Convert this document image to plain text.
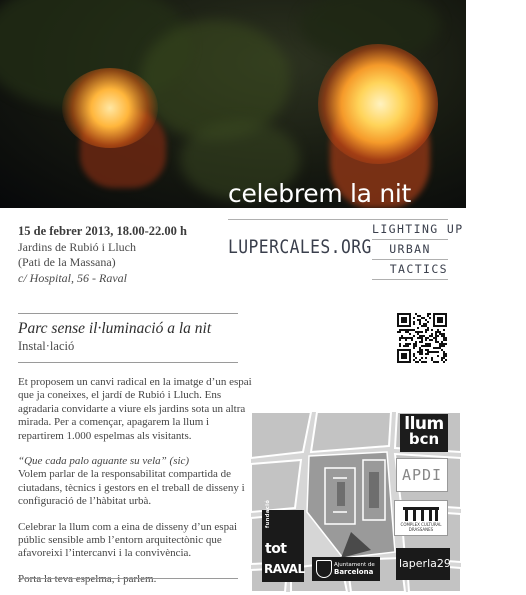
celebrem la nit
15 de febrer 2013, 18.00-22.00 h
Jardins de Rubió i Lluch
(Pati de la Massana)
c/ Hospital, 56 - Raval
LUPERCALES.ORG
LIGHTING UP
URBAN
TACTICS
Parc sense il·luminació a la nit
Instal·lació

Et proposem un canvi radical en la imatge d’un espai que ja coneixes, el jardí de Rubió i Lluch. Ens agradaria convidarte a viure els jardins sota un altra mirada. Per a començar, apagarem la llum i repartirem 1.000 espelmas als visitants.

“Que cada palo aguante su vela” (sic)
Volem parlar de la responsabilitat compartida de ciutadans, tècnics i gestors en el treball de disseny i configuració de l’hàbitat urbà.

Celebrar la llum com a eina de disseny d’un espai públic sensible amb l’entorn arquitectònic que afavoreixi l’intercanvi i la convivència.

llum
bcn
APDI
COMPLEX CULTURAL DRASSANES
laperla29
Ajuntament de
Barcelona
fundació
tot
RAVAL
